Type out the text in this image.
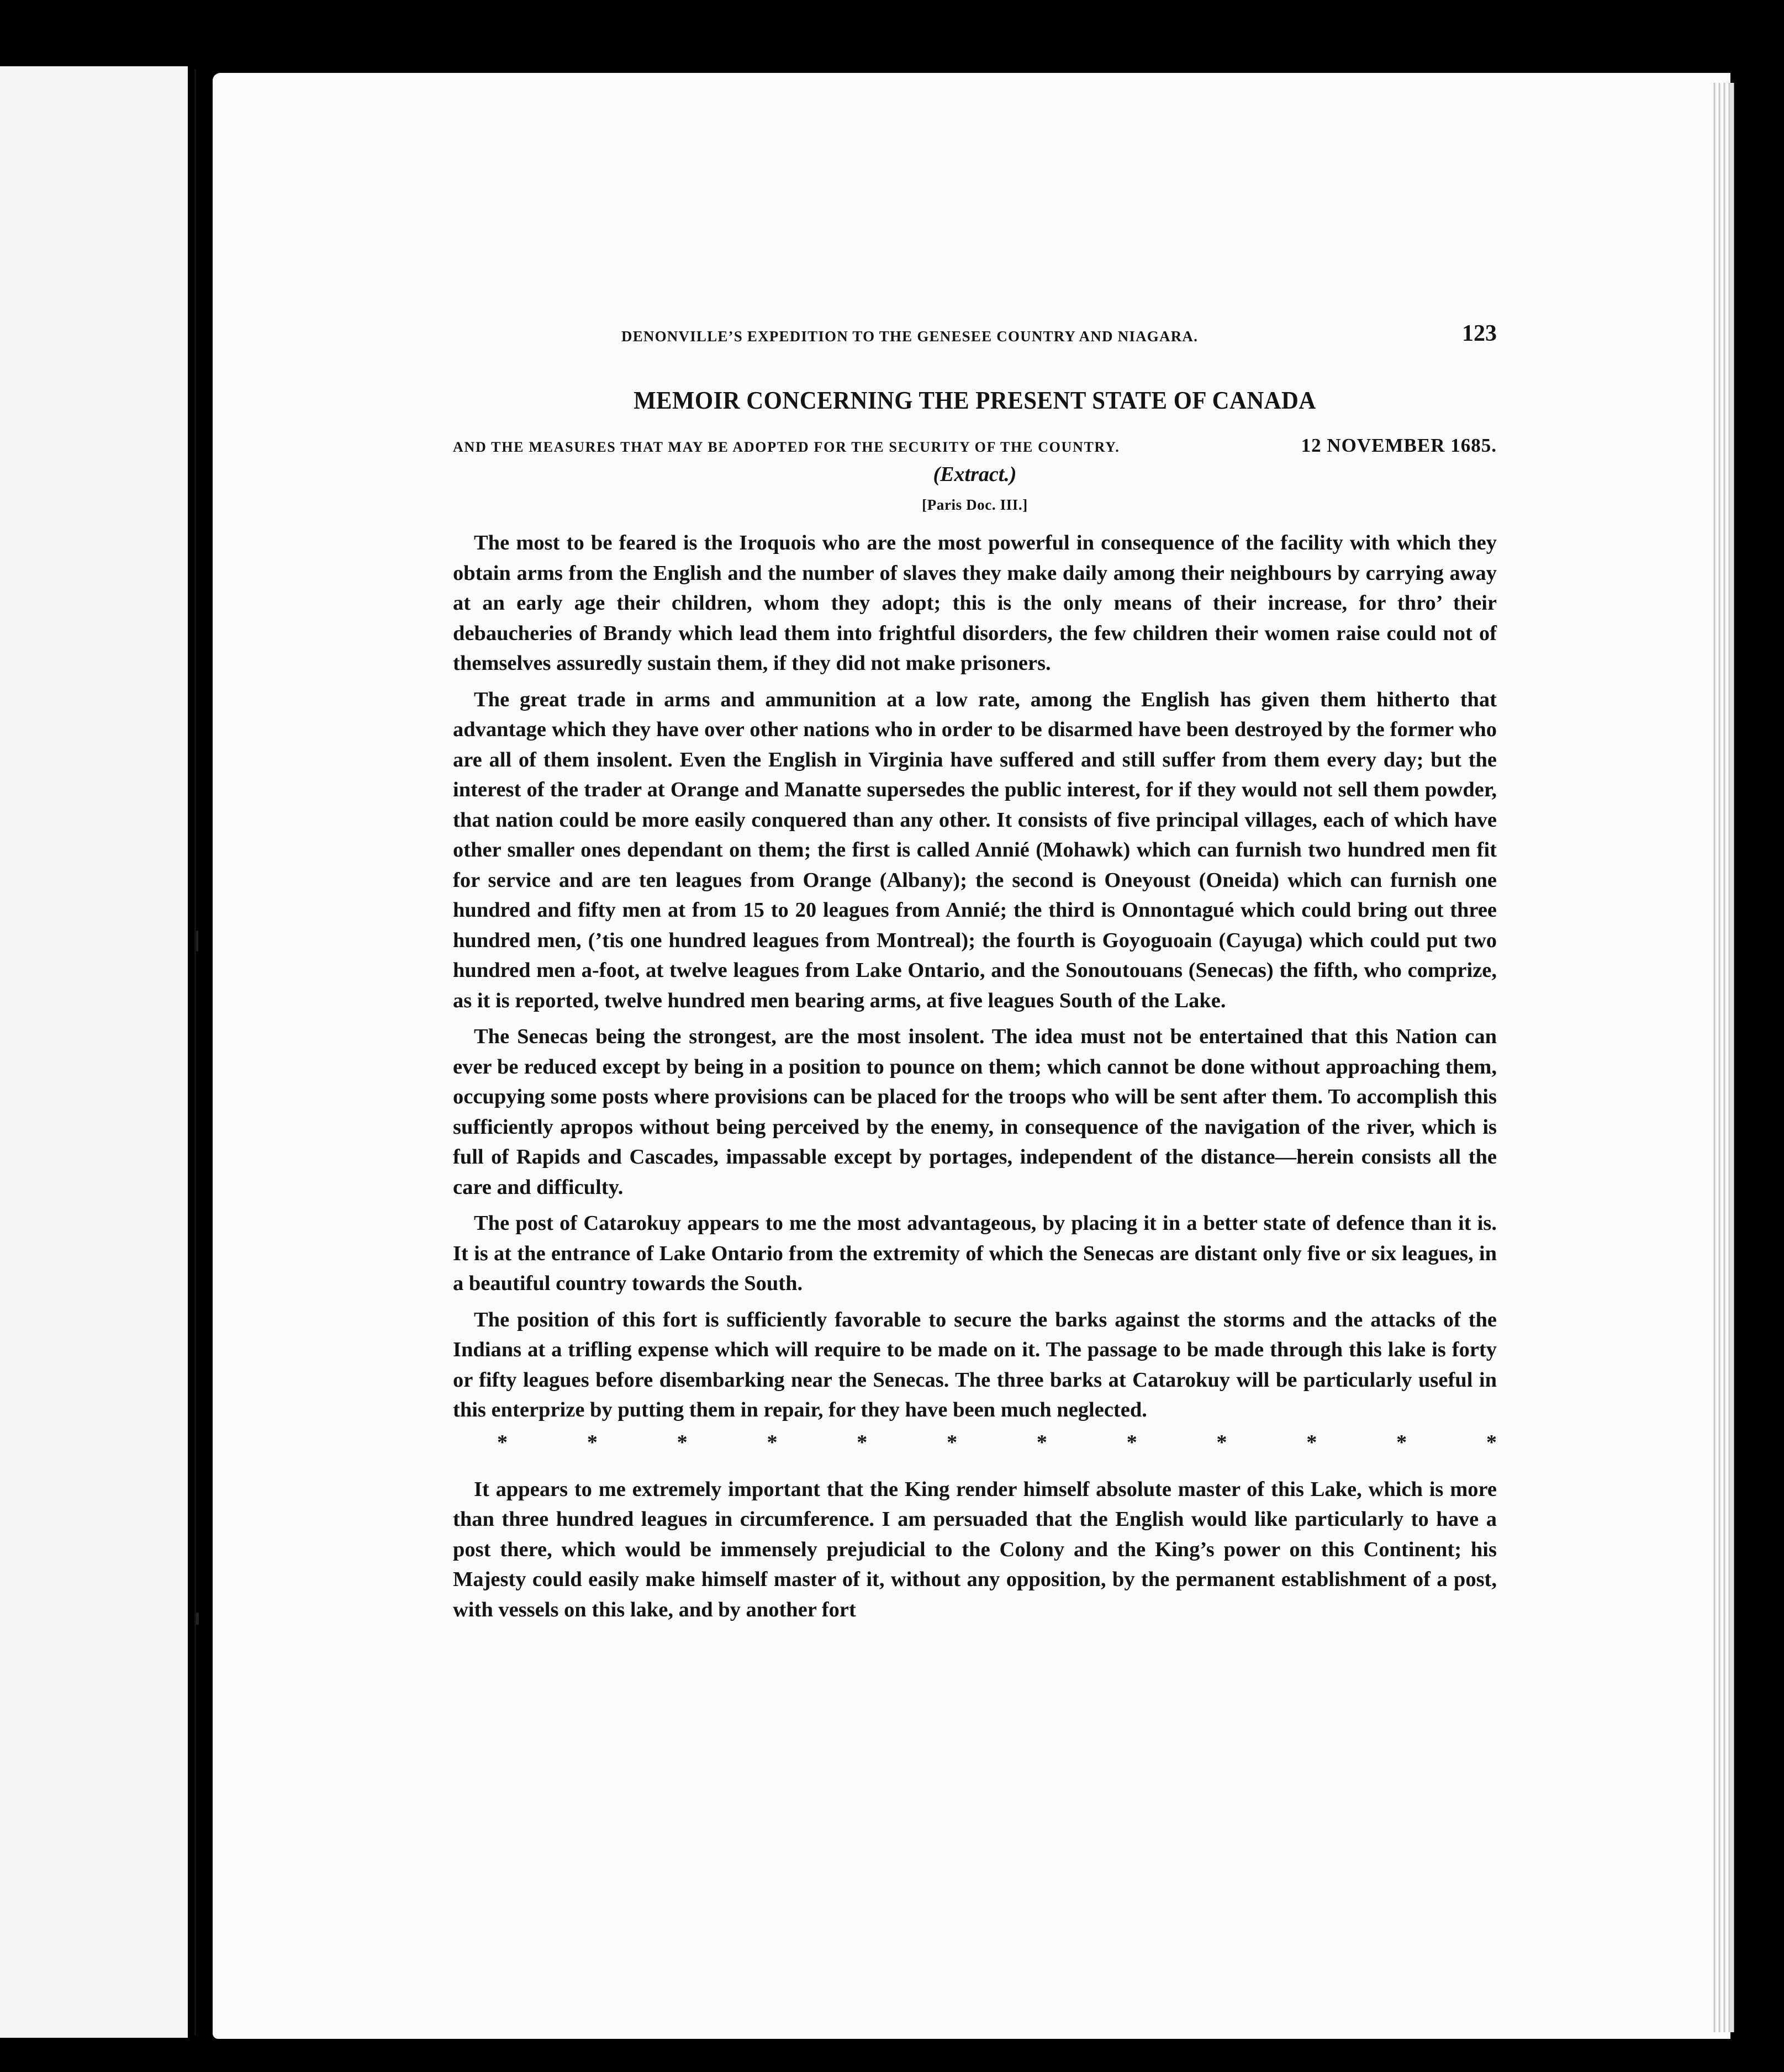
DENONVILLE’S EXPEDITION TO THE GENESEE COUNTRY AND NIAGARA.	123
MEMOIR CONCERNING THE PRESENT STATE OF CANADA
AND THE MEASURES THAT MAY BE ADOPTED FOR THE SECURITY OF THE COUNTRY.	12 NOVEMBER 1685.
(Extract.)
[Paris Doc. III.]

The most to be feared is the Iroquois who are the most powerful in consequence of the facility with which they obtain arms from the English and the number of slaves they make daily among their neighbours by carrying away at an early age their children, whom they adopt; this is the only means of their increase, for thro’ their debaucheries of Brandy which lead them into frightful disorders, the few children their women raise could not of themselves assuredly sustain them, if they did not make prisoners.

The great trade in arms and ammunition at a low rate, among the English has given them hitherto that advantage which they have over other nations who in order to be disarmed have been destroyed by the former who are all of them insolent. Even the English in Virginia have suffered and still suffer from them every day; but the interest of the trader at Orange and Manatte supersedes the public interest, for if they would not sell them powder, that nation could be more easily conquered than any other. It consists of five principal villages, each of which have other smaller ones dependant on them; the first is called Annié (Mohawk) which can furnish two hundred men fit for service and are ten leagues from Orange (Albany); the second is Oneyoust (Oneida) which can furnish one hundred and fifty men at from 15 to 20 leagues from Annié; the third is Onnontagué which could bring out three hundred men, (’tis one hundred leagues from Montreal); the fourth is Goyoguoain (Cayuga) which could put two hundred men a-foot, at twelve leagues from Lake Ontario, and the Sonoutouans (Senecas) the fifth, who comprize, as it is reported, twelve hundred men bearing arms, at five leagues South of the Lake.

The Senecas being the strongest, are the most insolent. The idea must not be entertained that this Nation can ever be reduced except by being in a position to pounce on them; which cannot be done without approaching them, occupying some posts where provisions can be placed for the troops who will be sent after them. To accomplish this sufficiently apropos without being perceived by the enemy, in consequence of the navigation of the river, which is full of Rapids and Cascades, impassable except by portages, independent of the distance—herein consists all the care and difficulty.

The post of Catarokuy appears to me the most advantageous, by placing it in a better state of defence than it is. It is at the entrance of Lake Ontario from the extremity of which the Senecas are distant only five or six leagues, in a beautiful country towards the South.

The position of this fort is sufficiently favorable to secure the barks against the storms and the attacks of the Indians at a trifling expense which will require to be made on it. The passage to be made through this lake is forty or fifty leagues before disembarking near the Senecas. The three barks at Catarokuy will be particularly useful in this enterprize by putting them in repair, for they have been much neglected.

*	*	*	*	*	*	*	*	*	*	*	*

It appears to me extremely important that the King render himself absolute master of this Lake, which is more than three hundred leagues in circumference. I am persuaded that the English would like particularly to have a post there, which would be immensely prejudicial to the Colony and the King’s power on this Continent; his Majesty could easily make himself master of it, without any opposition, by the permanent establishment of a post, with vessels on this lake, and by another fort
